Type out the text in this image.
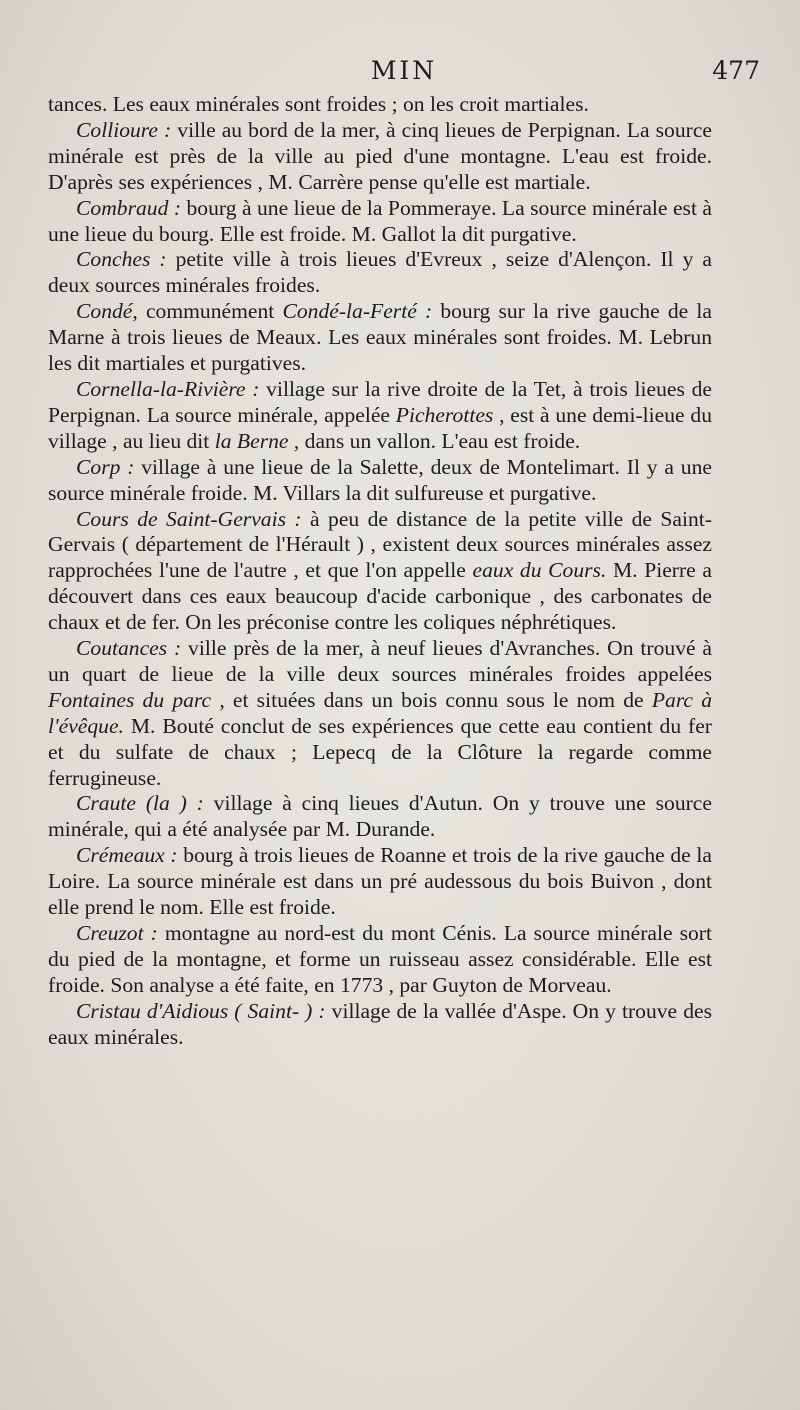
MIN	477

tances. Les eaux minérales sont froides ; on les croit martiales.

Collioure : ville au bord de la mer, à cinq lieues de Perpignan. La source minérale est près de la ville au pied d'une montagne. L'eau est froide. D'après ses expériences , M. Carrère pense qu'elle est martiale.

Combraud : bourg à une lieue de la Pommeraye. La source minérale est à une lieue du bourg. Elle est froide. M. Gallot la dit purgative.

Conches : petite ville à trois lieues d'Evreux , seize d'Alençon. Il y a deux sources minérales froides.

Condé, communément Condé-la-Ferté : bourg sur la rive gauche de la Marne à trois lieues de Meaux. Les eaux minérales sont froides. M. Lebrun les dit martiales et purgatives.

Cornella-la-Rivière : village sur la rive droite de la Tet, à trois lieues de Perpignan. La source minérale, appelée Picherottes , est à une demi-lieue du village , au lieu dit la Berne , dans un vallon. L'eau est froide.

Corp : village à une lieue de la Salette, deux de Montelimart. Il y a une source minérale froide. M. Villars la dit sulfureuse et purgative.

Cours de Saint-Gervais : à peu de distance de la petite ville de Saint-Gervais ( département de l'Hérault ) , existent deux sources minérales assez rapprochées l'une de l'autre , et que l'on appelle eaux du Cours. M. Pierre a découvert dans ces eaux beaucoup d'acide carbonique , des carbonates de chaux et de fer. On les préconise contre les coliques néphrétiques.

Coutances : ville près de la mer, à neuf lieues d'Avranches. On trouvé à un quart de lieue de la ville deux sources minérales froides appelées Fontaines du parc , et situées dans un bois connu sous le nom de Parc à l'évêque. M. Bouté conclut de ses expériences que cette eau contient du fer et du sulfate de chaux ; Lepecq de la Clôture la regarde comme ferrugineuse.

Craute (la ) : village à cinq lieues d'Autun. On y trouve une source minérale, qui a été analysée par M. Durande.

Crémeaux : bourg à trois lieues de Roanne et trois de la rive gauche de la Loire. La source minérale est dans un pré audessous du bois Buivon , dont elle prend le nom. Elle est froide.

Creuzot : montagne au nord-est du mont Cénis. La source minérale sort du pied de la montagne, et forme un ruisseau assez considérable. Elle est froide. Son analyse a été faite, en 1773 , par Guyton de Morveau.

Cristau d'Aidious ( Saint- ) : village de la vallée d'Aspe. On y trouve des eaux minérales.
